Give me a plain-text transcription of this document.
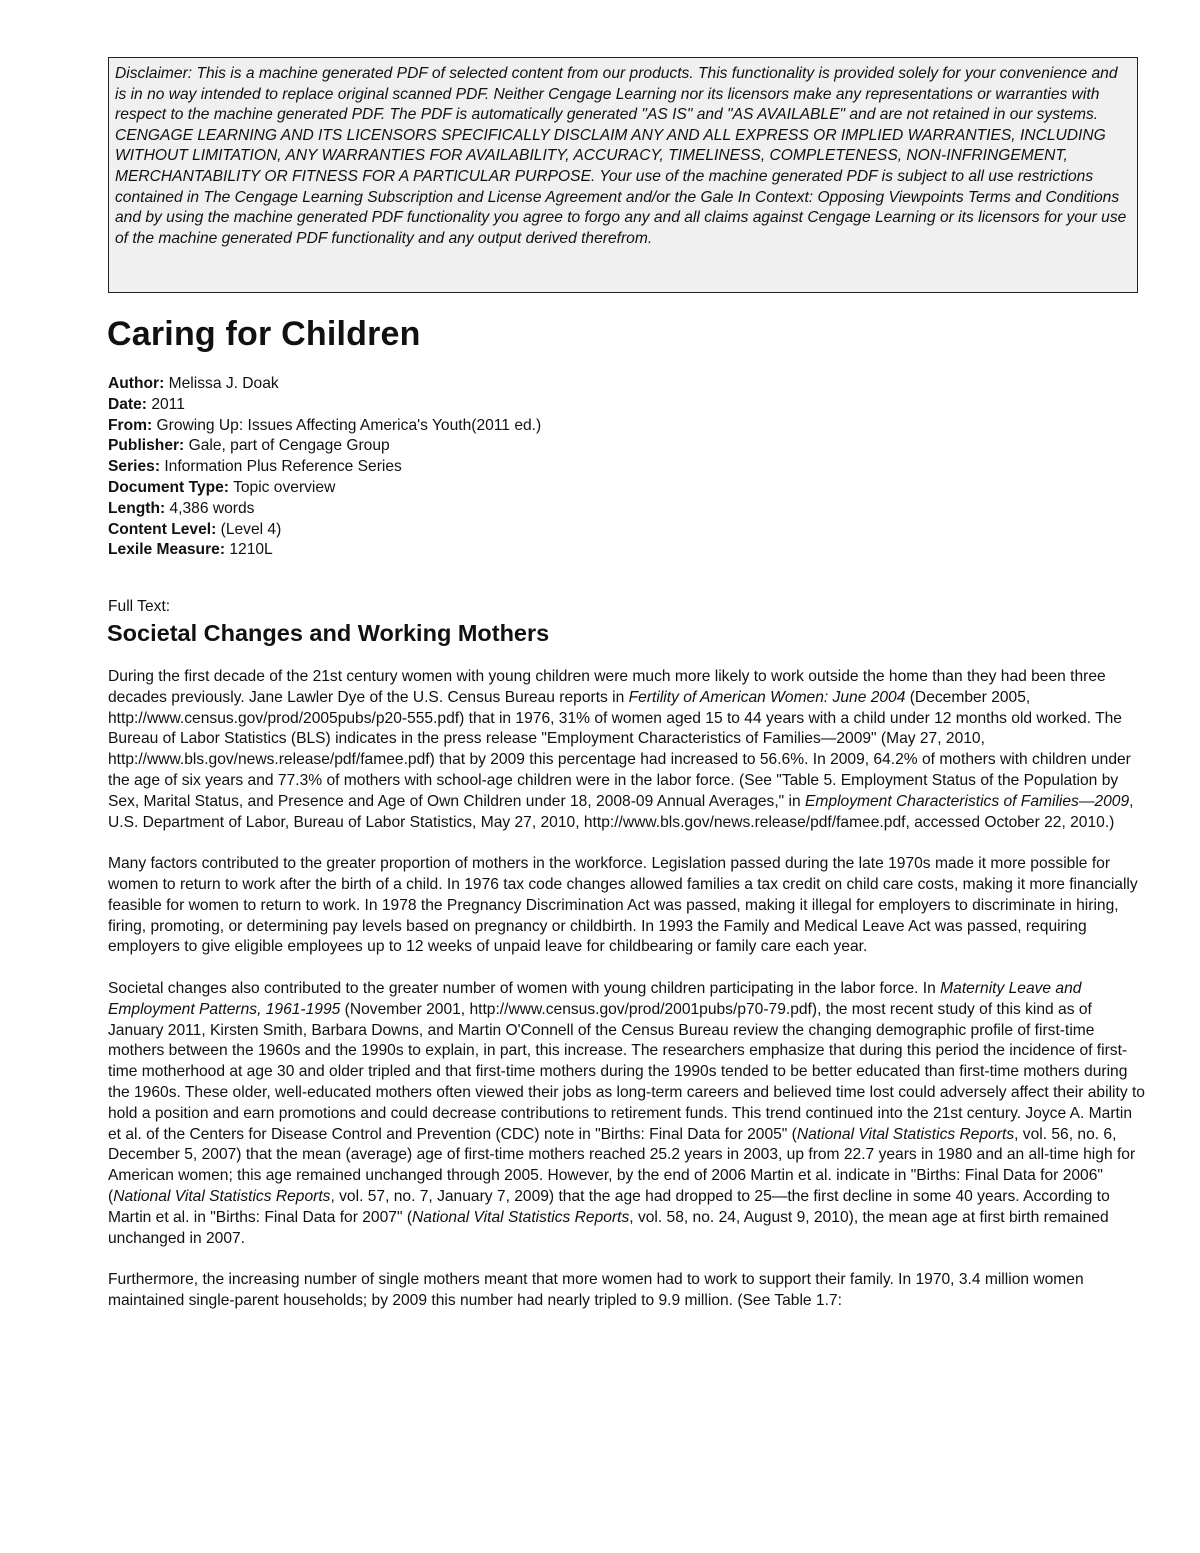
Disclaimer: This is a machine generated PDF of selected content from our products. This functionality is provided solely for your convenience and is in no way intended to replace original scanned PDF. Neither Cengage Learning nor its licensors make any representations or warranties with respect to the machine generated PDF. The PDF is automatically generated "AS IS" and "AS AVAILABLE" and are not retained in our systems. CENGAGE LEARNING AND ITS LICENSORS SPECIFICALLY DISCLAIM ANY AND ALL EXPRESS OR IMPLIED WARRANTIES, INCLUDING WITHOUT LIMITATION, ANY WARRANTIES FOR AVAILABILITY, ACCURACY, TIMELINESS, COMPLETENESS, NON-INFRINGEMENT, MERCHANTABILITY OR FITNESS FOR A PARTICULAR PURPOSE. Your use of the machine generated PDF is subject to all use restrictions contained in The Cengage Learning Subscription and License Agreement and/or the Gale In Context: Opposing Viewpoints Terms and Conditions and by using the machine generated PDF functionality you agree to forgo any and all claims against Cengage Learning or its licensors for your use of the machine generated PDF functionality and any output derived therefrom.
Caring for Children
Author: Melissa J. Doak
Date: 2011
From: Growing Up: Issues Affecting America's Youth(2011 ed.)
Publisher: Gale, part of Cengage Group
Series: Information Plus Reference Series
Document Type: Topic overview
Length: 4,386 words
Content Level: (Level 4)
Lexile Measure: 1210L
Full Text:
Societal Changes and Working Mothers

During the first decade of the 21st century women with young children were much more likely to work outside the home than they had been three decades previously. Jane Lawler Dye of the U.S. Census Bureau reports in Fertility of American Women: June 2004 (December 2005, http://www.census.gov/prod/2005pubs/p20-555.pdf) that in 1976, 31% of women aged 15 to 44 years with a child under 12 months old worked. The Bureau of Labor Statistics (BLS) indicates in the press release "Employment Characteristics of Families—2009" (May 27, 2010, http://www.bls.gov/news.release/pdf/famee.pdf) that by 2009 this percentage had increased to 56.6%. In 2009, 64.2% of mothers with children under the age of six years and 77.3% of mothers with school-age children were in the labor force. (See "Table 5. Employment Status of the Population by Sex, Marital Status, and Presence and Age of Own Children under 18, 2008-09 Annual Averages," in Employment Characteristics of Families—2009, U.S. Department of Labor, Bureau of Labor Statistics, May 27, 2010, http://www.bls.gov/news.release/pdf/famee.pdf, accessed October 22, 2010.)

Many factors contributed to the greater proportion of mothers in the workforce. Legislation passed during the late 1970s made it more possible for women to return to work after the birth of a child. In 1976 tax code changes allowed families a tax credit on child care costs, making it more financially feasible for women to return to work. In 1978 the Pregnancy Discrimination Act was passed, making it illegal for employers to discriminate in hiring, firing, promoting, or determining pay levels based on pregnancy or childbirth. In 1993 the Family and Medical Leave Act was passed, requiring employers to give eligible employees up to 12 weeks of unpaid leave for childbearing or family care each year.

Societal changes also contributed to the greater number of women with young children participating in the labor force. In Maternity Leave and Employment Patterns, 1961-1995 (November 2001, http://www.census.gov/prod/2001pubs/p70-79.pdf), the most recent study of this kind as of January 2011, Kirsten Smith, Barbara Downs, and Martin O'Connell of the Census Bureau review the changing demographic profile of first-time mothers between the 1960s and the 1990s to explain, in part, this increase. The researchers emphasize that during this period the incidence of first-time motherhood at age 30 and older tripled and that first-time mothers during the 1990s tended to be better educated than first-time mothers during the 1960s. These older, well-educated mothers often viewed their jobs as long-term careers and believed time lost could adversely affect their ability to hold a position and earn promotions and could decrease contributions to retirement funds. This trend continued into the 21st century. Joyce A. Martin et al. of the Centers for Disease Control and Prevention (CDC) note in "Births: Final Data for 2005" (National Vital Statistics Reports, vol. 56, no. 6, December 5, 2007) that the mean (average) age of first-time mothers reached 25.2 years in 2003, up from 22.7 years in 1980 and an all-time high for American women; this age remained unchanged through 2005. However, by the end of 2006 Martin et al. indicate in "Births: Final Data for 2006" (National Vital Statistics Reports, vol. 57, no. 7, January 7, 2009) that the age had dropped to 25—the first decline in some 40 years. According to Martin et al. in "Births: Final Data for 2007" (National Vital Statistics Reports, vol. 58, no. 24, August 9, 2010), the mean age at first birth remained unchanged in 2007.

Furthermore, the increasing number of single mothers meant that more women had to work to support their family. In 1970, 3.4 million women maintained single-parent households; by 2009 this number had nearly tripled to 9.9 million. (See Table 1.7:
